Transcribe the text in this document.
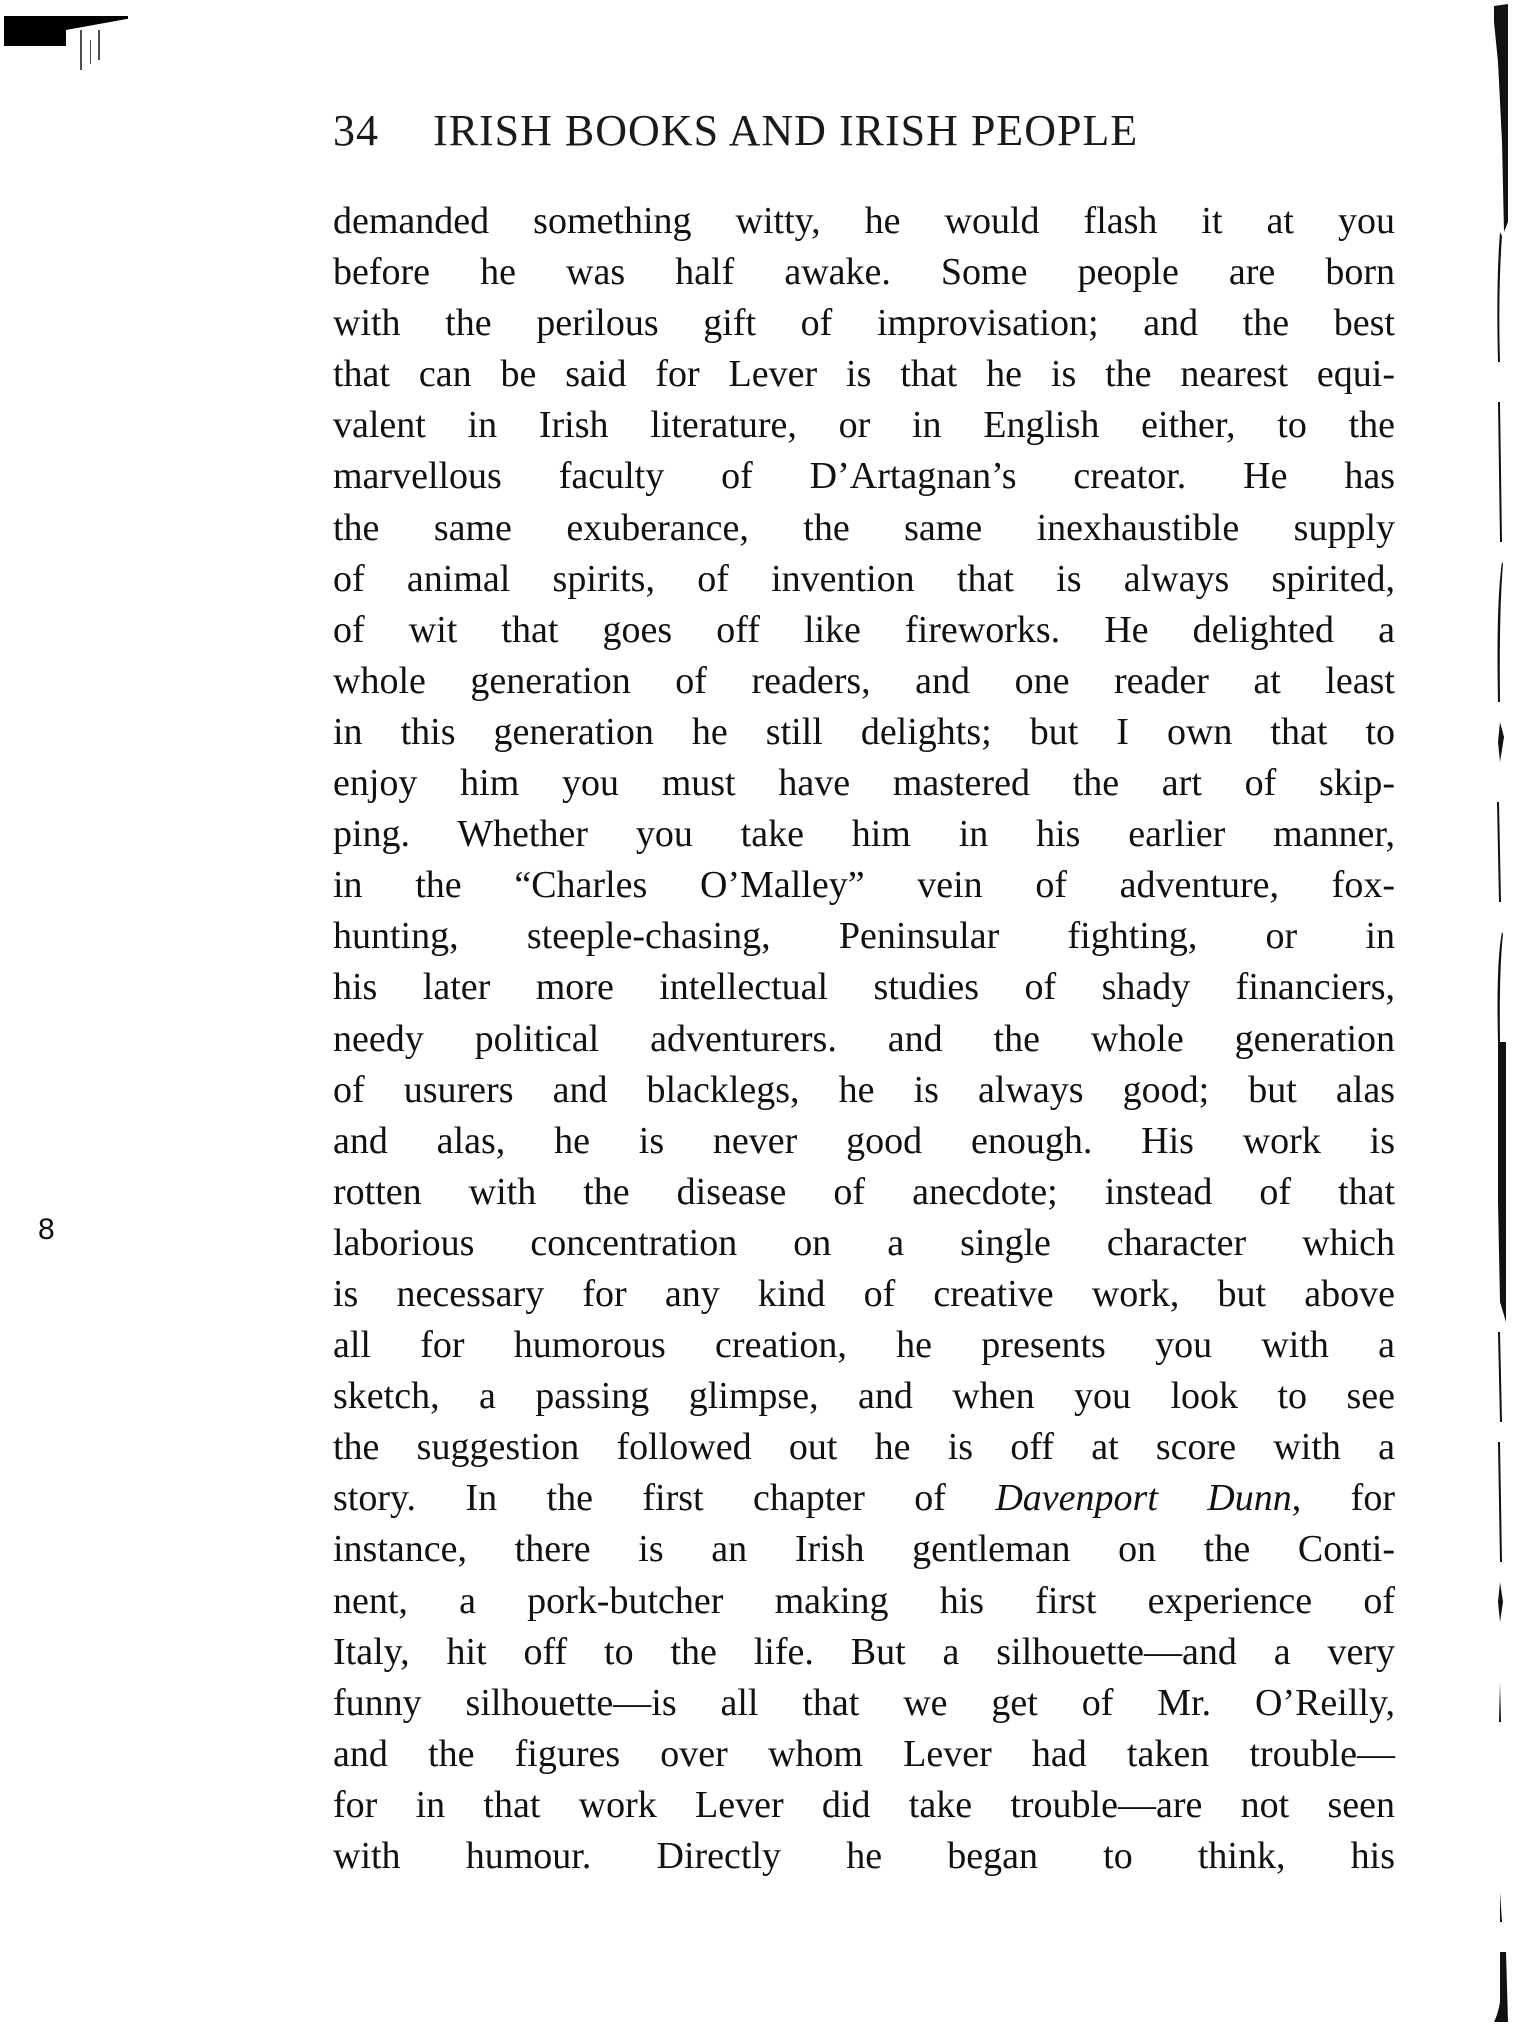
34 IRISH BOOKS AND IRISH PEOPLE
demanded something witty, he would flash it at you
before he was half awake. Some people are born
with the perilous gift of improvisation; and the best
that can be said for Lever is that he is the nearest equi-
valent in Irish literature, or in English either, to the
marvellous faculty of D’Artagnan’s creator. He has
the same exuberance, the same inexhaustible supply
of animal spirits, of invention that is always spirited,
of wit that goes off like fireworks. He delighted a
whole generation of readers, and one reader at least
in this generation he still delights; but I own that to
enjoy him you must have mastered the art of skip-
ping. Whether you take him in his earlier manner,
in the “Charles O’Malley” vein of adventure, fox-
hunting, steeple-chasing, Peninsular fighting, or in
his later more intellectual studies of shady financiers,
needy political adventurers. and the whole generation
of usurers and blacklegs, he is always good; but alas
and alas, he is never good enough. His work is
rotten with the disease of anecdote; instead of that
laborious concentration on a single character which
is necessary for any kind of creative work, but above
all for humorous creation, he presents you with a
sketch, a passing glimpse, and when you look to see
the suggestion followed out he is off at score with a
story. In the first chapter of Davenport Dunn, for
instance, there is an Irish gentleman on the Conti-
nent, a pork-butcher making his first experience of
Italy, hit off to the life. But a silhouette—and a very
funny silhouette—is all that we get of Mr. O’Reilly,
and the figures over whom Lever had taken trouble—
for in that work Lever did take trouble—are not seen
with humour. Directly he began to think, his
8
